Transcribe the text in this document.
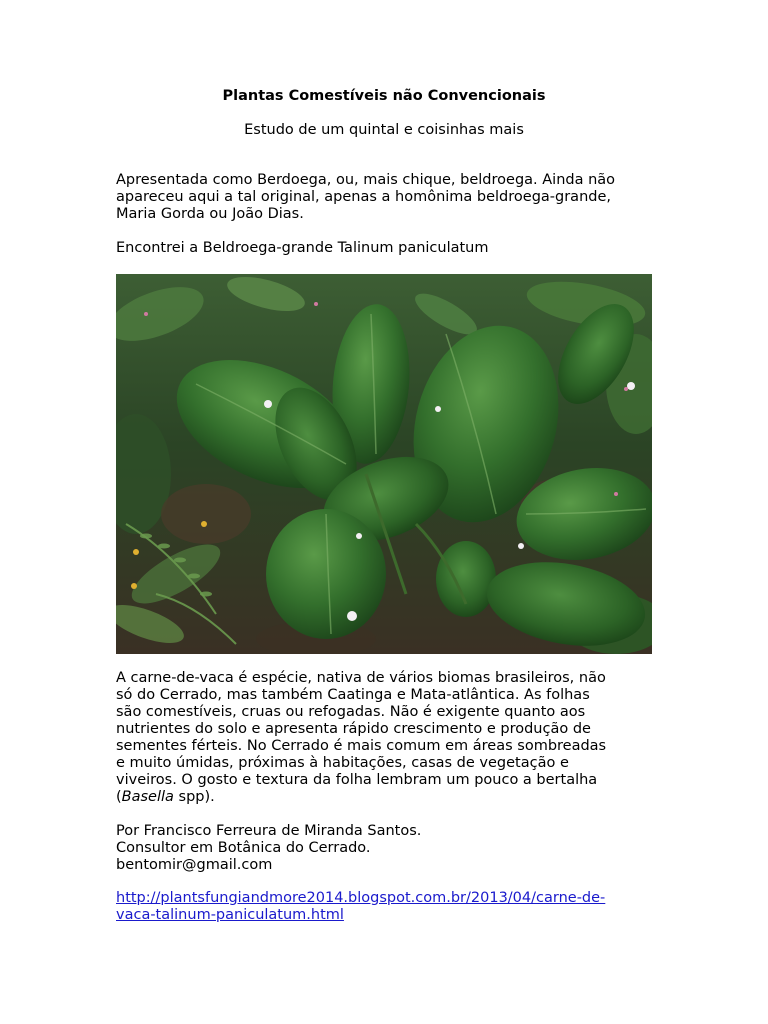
Plantas Comestíveis não Convencionais
Estudo de um quintal e coisinhas mais

Apresentada como Berdoega, ou, mais chique, beldroega. Ainda não
apareceu aqui a tal original, apenas a homônima beldroega-grande,
Maria Gorda ou João Dias.

Encontrei a Beldroega-grande Talinum paniculatum

A carne-de-vaca é espécie, nativa de vários biomas brasileiros, não
só do Cerrado, mas também Caatinga e Mata-atlântica. As folhas
são comestíveis, cruas ou refogadas. Não é exigente quanto aos
nutrientes do solo e apresenta rápido crescimento e produção de
sementes férteis. No Cerrado é mais comum em áreas sombreadas
e muito úmidas, próximas à habitações, casas de vegetação e
viveiros. O gosto e textura da folha lembram um pouco a bertalha
(Basella spp).

Por Francisco Ferreura de Miranda Santos.
Consultor em Botânica do Cerrado.
bentomir@gmail.com

http://plantsfungiandmore2014.blogspot.com.br/2013/04/carne-de-
vaca-talinum-paniculatum.html
